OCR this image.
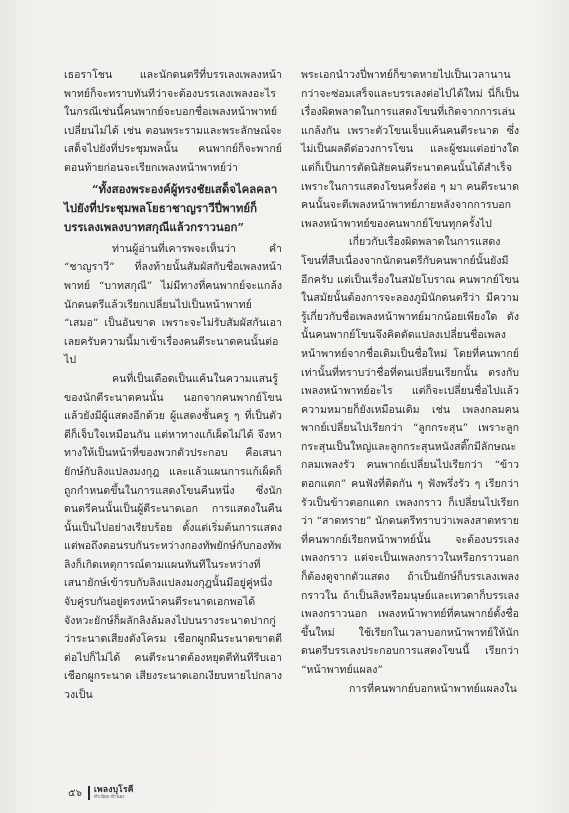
เธอราโชน และนักดนตรีที่บรรเลงเพลงหน้าพาทย์ก็จะทราบทันทีว่าจะต้องบรรเลงเพลงอะไร ในกรณีเช่นนี้คนพากย์จะบอกชื่อเพลงหน้าพาทย์เปลี่ยนไม่ได้ เช่น ตอนพระรามและพระลักษณ์จะเสด็จไปยังที่ประชุมพลนั้น คนพากย์ก็จะพากย์ตอนท้ายก่อนจะเรียกเพลงหน้าพาทย์ว่า

“ทั้งสองพระองค์ผู้ทรงชัยเสด็จไคลคลา ไปยังที่ประชุมพลโยธาชาญราวีปี่พาทย์ก็บรรเลงเพลงบาทสกุณีแล้วกราวนอก”

ท่านผู้อ่านที่เคารพจะเห็นว่า คำ “ชาญราวี” ที่ลงท้ายนั้นสัมผัสกับชื่อเพลงหน้าพาทย์ “บาทสกุณี” ไม่มีทางที่คนพากย์จะแกล้งนักดนตรีแล้วเรียกเปลี่ยนไปเป็นหน้าพาทย์ “เสมอ” เป็นอันขาด เพราะจะไม่รับสัมผัสกันเอาเลยครับความนี้มาเข้าเรื่องคนตีระนาดคนนั้นต่อไป

คนที่เป็นเดือดเป็นแค้นในความแสนรู้ของนักตีระนาดคนนั้น นอกจากคนพากย์โขนแล้วยังมีผู้แสดงอีกด้วย ผู้แสดงชั้นครู ๆ ที่เป็นตัวตีก็เจ็บใจเหมือนกัน แต่หาทางแก้เผ็ดไม่ได้ จึงหาทางให้เป็นหน้าที่ของพวกตัวประกอบ คือเสนายักษ์กับลิงแปลงมงกุฎ และแล้วแผนการแก้เผ็ดก็ถูกกำหนดขึ้นในการแสดงโขนคืนหนึ่ง ซึ่งนักดนตรีคนนั้นเป็นผู้ตีระนาดเอก การแสดงในคืนนั้นเป็นไปอย่างเรียบร้อย ตั้งแต่เริ่มต้นการแสดงแต่พอถึงตอนรบกันระหว่างกองทัพยักษ์กับกองทัพลิงก็เกิดเหตุการณ์ตามแผนทันทีในระหว่างที่เสนายักษ์เข้ารบกับลิงแปลงมงกุฎนั้นมีอยู่คู่หนึ่งจับคู่รบกันอยู่ตรงหน้าคนตีระนาดเอกพอได้จังหวะยักษ์ก็ผลักลิงล้มลงไปบนรางระนาดปากกู่ว่าระนาดเสียงดังโครม เชือกผูกผืนระนาดขาดตีต่อไปก็ไม่ได้ คนตีระนาดต้องหยุดตีทันทีรีบเอาเชือกผูกระนาด เสียงระนาดเอกเงียบหายไปกลางวงเป็น

พระเอกนำวงปี่พาทย์ก็ขาดหายไปเป็นเวลานานกว่าจะซ่อมเสร็จและบรรเลงต่อไปได้ใหม่ นี่ก็เป็นเรื่องผิดพลาดในการแสดงโขนที่เกิดจากการเล่นแกล้งกัน เพราะตัวโขนเจ็บแค้นคนตีระนาด ซึ่งไม่เป็นผลดีต่อวงการโขน และผู้ชมแต่อย่างใด แต่ก็เป็นการตัดนิสัยคนตีระนาดคนนั้นได้สำเร็จ เพราะในการแสดงโขนครั้งต่อ ๆ มา คนตีระนาดคนนั้นจะตีเพลงหน้าพาทย์ภายหลังจากการบอกเพลงหน้าพาทย์ของคนพากย์โขนทุกครั้งไป

เกี่ยวกับเรื่องผิดพลาดในการแสดงโขนที่สืบเนื่องจากนักดนตรีกับคนพากย์นั้นยังมีอีกครับ แต่เป็นเรื่องในสมัยโบราณ คนพากย์โขนในสมัยนั้นต้องการจะลองภูมินักดนตรีว่า มีความรู้เกี่ยวกับชื่อเพลงหน้าพาทย์มากน้อยเพียงใด ดังนั้นคนพากย์โขนจึงคิดดัดแปลงเปลี่ยนชื่อเพลงหน้าพาทย์จากชื่อเดิมเป็นชื่อใหม่ โดยที่คนพากย์เท่านั้นที่ทราบว่าชื่อที่ตนเปลี่ยนเรียกนั้น ตรงกับเพลงหน้าพาทย์อะไร แต่ก็จะเปลี่ยนชื่อไปแล้วความหมายก็ยังเหมือนเดิม เช่น เพลงกลมคนพากย์เปลี่ยนไปเรียกว่า “ลูกกระสุน” เพราะลูกกระสุนเป็นใหญ่และลูกกระสุนหนังสติ๊กมีลักษณะกลมเพลงรัว คนพากย์เปลี่ยนไปเรียกว่า “ข้าวตอกแตก” คนฟังที่ติดกัน ๆ ฟังพรึ่งรัว ๆ เรียกว่า รัวเป็นข้าวตอกแตก เพลงกราว ก็เปลี่ยนไปเรียกว่า “สาดทราย” นักดนตรีทราบว่าเพลงสาดทรายที่คนพากย์เรียกหน้าพาทย์นั้น จะต้องบรรเลงเพลงกราว แต่จะเป็นเพลงกราวในหรือกราวนอกก็ต้องดูจากตัวแสดง ถ้าเป็นยักษ์ก็บรรเลงเพลงกราวใน ถ้าเป็นลิงหรือมนุษย์และเทวดาก็บรรเลงเพลงกราวนอก เพลงหน้าพาทย์ที่คนพากย์ตั้งชื่อขึ้นใหม่ ใช้เรียกในเวลาบอกหน้าพาทย์ให้นักดนตรีบรรเลงประกอบการแสดงโขนนี้ เรียกว่า “หน้าพาทย์แผลง”

การที่คนพากย์บอกหน้าพาทย์แผลงใน

๕๖ เพลงบุโรคี
ทำเนียบ ทำนอง
